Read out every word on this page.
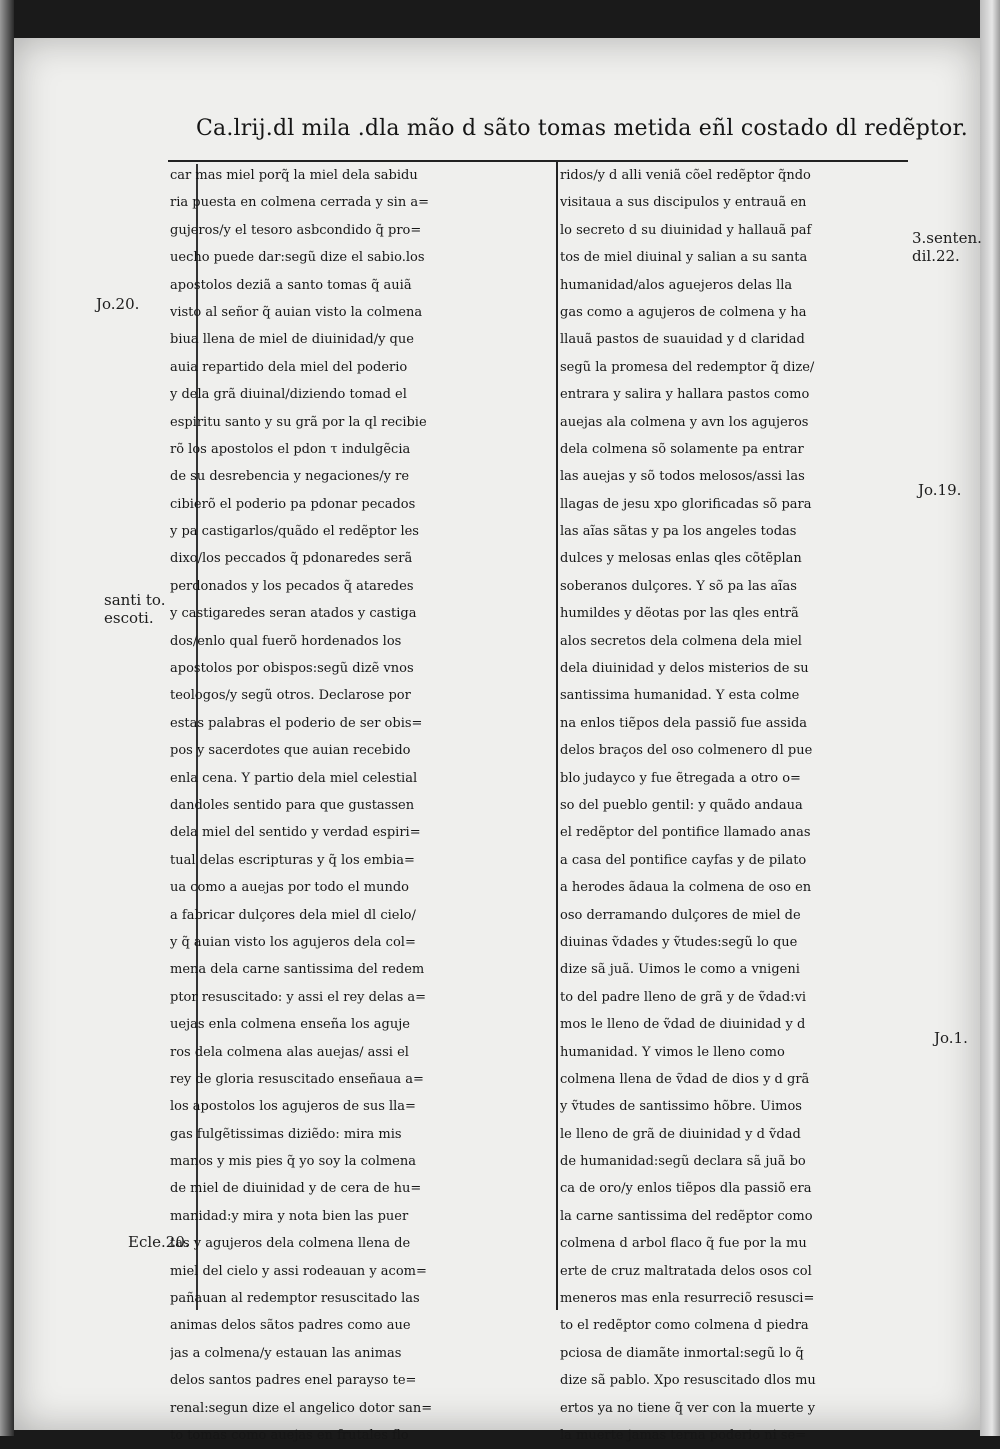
Ca.lrij.dl mila .dla mão d sãto tomas metida eñl costado dl redẽptor.
car mas miel porq̃ la miel dela sabidu
ria puesta en colmena cerrada y sin a=
gujeros/y el tesoro asbcondido q̃ pro=
uecho puede dar:segũ dize el sabio.los
apostolos deziã a santo tomas q̃ auiã
visto al señor q̃ auian visto la colmena
biua llena de miel de diuinidad/y que
auia repartido dela miel del poderio
y dela grã diuinal/diziendo tomad el
espiritu santo y su grã por la ql recibie
rõ los apostolos el pdon τ indulgẽcia
de su desrebencia y negaciones/y re
cibierõ el poderio pa pdonar pecados
y pa castigarlos/quãdo el redẽptor les
dixo/los peccados q̃ pdonaredes serã
perdonados y los pecados q̃ ataredes
y castigaredes seran atados y castiga
dos/enlo qual fuerõ hordenados los
apostolos por obispos:segũ dizẽ vnos
teologos/y segũ otros. Declarose por
estas palabras el poderio de ser obis=
pos y sacerdotes que auian recebido
enla cena. Y partio dela miel celestial
dandoles sentido para que gustassen
dela miel del sentido y verdad espiri=
tual delas escripturas y q̃ los embia=
ua como a auejas por todo el mundo
a fabricar dulçores dela miel dl cielo/
y q̃ auian visto los agujeros dela col=
mena dela carne santissima del redem
ptor resuscitado: y assi el rey delas a=
uejas enla colmena enseña los aguje
ros dela colmena alas auejas/ assi el
rey de gloria resuscitado enseñaua a=
los apostolos los agujeros de sus lla=
gas fulgẽtissimas diziẽdo: mira mis
manos y mis pies q̃ yo soy la colmena
de miel de diuinidad y de cera de hu=
manidad:y mira y nota bien las puer
tas y agujeros dela colmena llena de
miel del cielo y assi rodeauan y acom=
pañauan al redemptor resuscitado las
animas delos sãtos padres como aue
jas a colmena/y estauan las animas
delos santos padres enel parayso te=
renal:segun dize el angelico dotor san=
to tomas como auejas en frutales flo
ridos/y d alli veniã cõel redẽptor q̃ndo
visitaua a sus discipulos y entrauã en
lo secreto d su diuinidad y hallauã paf
tos de miel diuinal y salian a su santa
humanidad/alos aguejeros delas lla
gas como a agujeros de colmena y ha
llauã pastos de suauidad y d claridad
segũ la promesa del redemptor q̃ dize/
entrara y salira y hallara pastos como
auejas ala colmena y avn los agujeros
dela colmena sõ solamente pa entrar
las auejas y sõ todos melosos/assi las
llagas de jesu xpo glorificadas sõ para
las aĩas sãtas y pa los angeles todas
dulces y melosas enlas qles cõtẽplan
soberanos dulçores. Y sõ pa las aĩas
humildes y dẽotas por las qles entrã
alos secretos dela colmena dela miel
dela diuinidad y delos misterios de su
santissima humanidad. Y esta colme
na enlos tiẽpos dela passiõ fue assida
delos braços del oso colmenero dl pue
blo judayco y fue ẽtregada a otro o=
so del pueblo gentil: y quãdo andaua
el redẽptor del pontifice llamado anas
a casa del pontifice cayfas y de pilato
a herodes ãdaua la colmena de oso en
oso derramando dulçores de miel de
diuinas ṽdades y ṽtudes:segũ lo que
dize sã juã. Uimos le como a vnigeni
to del padre lleno de grã y de ṽdad:vi
mos le lleno de ṽdad de diuinidad y d
humanidad. Y vimos le lleno como
colmena llena de ṽdad de dios y d grã
y ṽtudes de santissimo hõbre. Uimos
le lleno de grã de diuinidad y d ṽdad
de humanidad:segũ declara sã juã bo
ca de oro/y enlos tiẽpos dla passiõ era
la carne santissima del redẽptor como
colmena d arbol flaco q̃ fue por la mu
erte de cruz maltratada delos osos col
meneros mas enla resurreciõ resusci=
to el redẽptor como colmena d piedra
pciosa de diamãte inmortal:segũ lo q̃
dize sã pablo. Xpo resuscitado dlos mu
ertos ya no tiene q̃ ver con la muerte y
la muerte jamas terna poderio ni se=
Jo.20.
santi to.
escoti.
Ecle.20.
3.senten.
dil.22.
Jo.19.
Jo.1.
